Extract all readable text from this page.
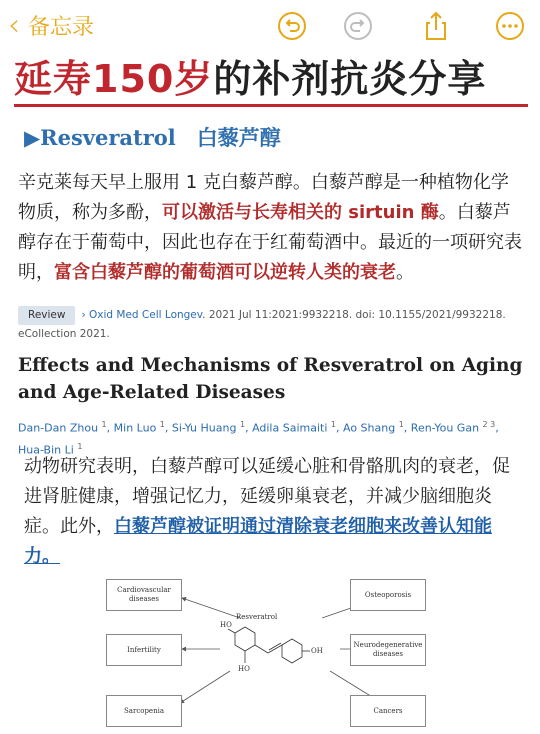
‹ 备忘录
延寿150岁的补剂抗炎分享
▶Resveratrol　白藜芦醇
辛克莱每天早上服用 1 克白藜芦醇。白藜芦醇是一种植物化学物质，称为多酚，可以激活与长寿相关的 sirtuin 酶。白藜芦醇存在于葡萄中，因此也存在于红葡萄酒中。最近的一项研究表明，富含白藜芦醇的葡萄酒可以逆转人类的衰老。
Review › Oxid Med Cell Longev. 2021 Jul 11:2021:9932218. doi: 10.1155/2021/9932218.
eCollection 2021.
Effects and Mechanisms of Resveratrol on Aging and Age-Related Diseases
Dan-Dan Zhou $^1$, Min Luo $^1$, Si-Yu Huang $^1$, Adila Saimaiti $^1$, Ao Shang $^1$, Ren-You Gan $^{2 3}$, Hua-Bin Li $^1$
动物研究表明，白藜芦醇可以延缓心脏和骨骼肌肉的衰老，促进肾脏健康，增强记忆力，延缓卵巢衰老，并减少脑细胞炎症。此外，白藜芦醇被证明通过清除衰老细胞来改善认知能力。
Resveratrol
HO
HO
OH
Cardiovascular diseases
Infertility
Sarcopenia
Osteoporosis
Neurodegenerative diseases
Cancers
